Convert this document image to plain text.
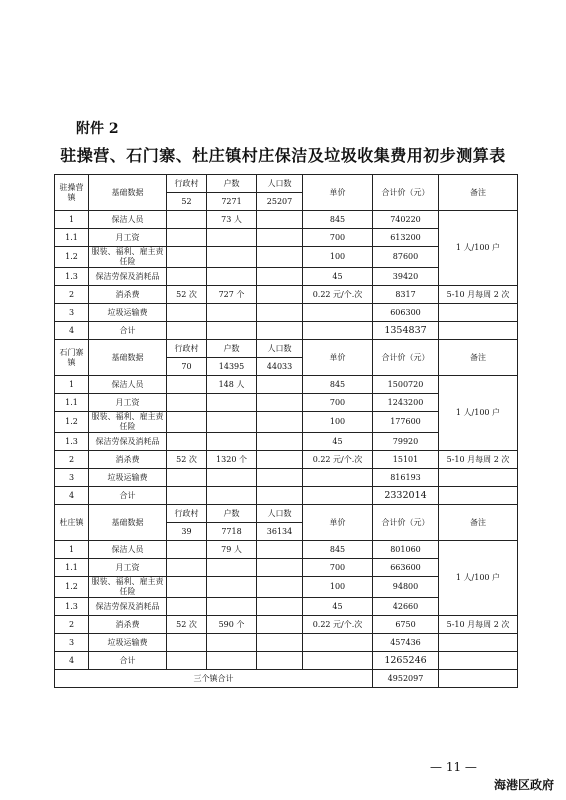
附件 2
驻操营、石门寨、杜庄镇村庄保洁及垃圾收集费用初步测算表
驻操营镇	基础数据	行政村	户数	人口数	单价	合计价（元）	备注
		52	7271	25207			
1	保洁人员		73 人		845	740220	1 人/100 户
1.1	月工资				700	613200	
1.2	服装、福利、雇主责任险				100	87600	
1.3	保洁劳保及消耗品				45	39420	
2	消杀费	52 次	727 个		0.22 元/个.次	8317	5-10 月每周 2 次
3	垃圾运输费					606300	
4	合计					1354837	
石门寨镇	基础数据	行政村	户数	人口数	单价	合计价（元）	备注
		70	14395	44033			
1	保洁人员		148 人		845	1500720	1 人/100 户
1.1	月工资				700	1243200	
1.2	服装、福利、雇主责任险				100	177600	
1.3	保洁劳保及消耗品				45	79920	
2	消杀费	52 次	1320 个		0.22 元/个.次	15101	5-10 月每周 2 次
3	垃圾运输费					816193	
4	合计					2332014	
杜庄镇	基础数据	行政村	户数	人口数	单价	合计价（元）	备注
		39	7718	36134			
1	保洁人员		79 人		845	801060	1 人/100 户
1.1	月工资				700	663600	
1.2	服装、福利、雇主责任险				100	94800	
1.3	保洁劳保及消耗品				45	42660	
2	消杀费	52 次	590 个		0.22 元/个.次	6750	5-10 月每周 2 次
3	垃圾运输费					457436	
4	合计					1265246	
三个镇合计						4952097	
— 11 —
海港区政府
